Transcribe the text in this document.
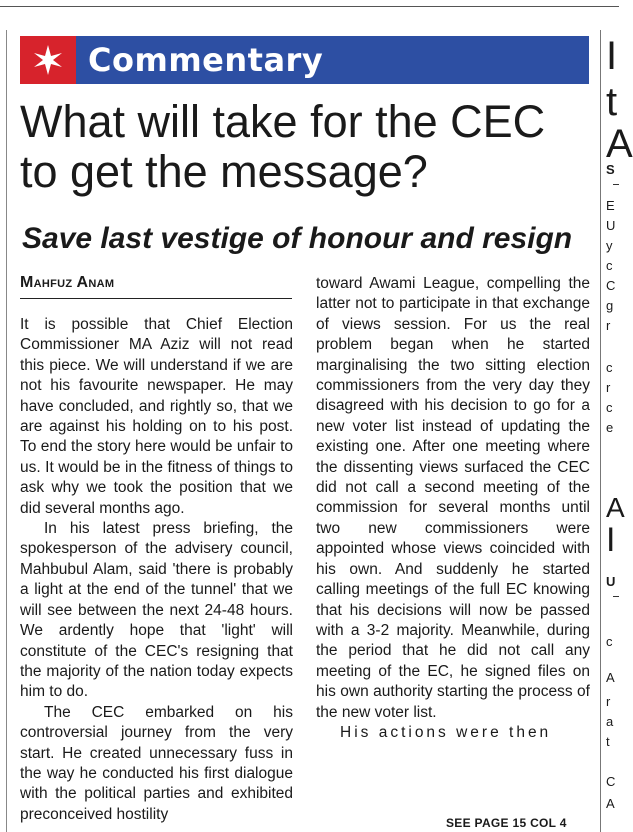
Commentary
What will take for the CEC to get the message?
Save last vestige of honour and resign
Mahfuz Anam

It is possible that Chief Election Commissioner MA Aziz will not read this piece. We will understand if we are not his favourite newspaper. He may have concluded, and rightly so, that we are against his holding on to his post. To end the story here would be unfair to us. It would be in the fitness of things to ask why we took the position that we did several months ago.

In his latest press briefing, the spokesperson of the advisery council, Mahbubul Alam, said 'there is probably a light at the end of the tunnel' that we will see between the next 24-48 hours. We ardently hope that 'light' will constitute of the CEC's resigning that the majority of the nation today expects him to do.

The CEC embarked on his controversial journey from the very start. He created unnecessary fuss in the way he conducted his first dialogue with the political parties and exhibited preconceived hostility

toward Awami League, compelling the latter not to participate in that exchange of views session. For us the real problem began when he started marginalising the two sitting election commissioners from the very day they disagreed with his decision to go for a new voter list instead of updating the existing one. After one meeting where the dissenting views surfaced the CEC did not call a second meeting of the commission for several months until two new commissioners were appointed whose views coincided with his own. And suddenly he started calling meetings of the full EC knowing that his decisions will now be passed with a 3-2 majority. Meanwhile, during the period that he did not call any meeting of the EC, he signed files on his own authority starting the process of the new voter list.

His actions were then

SEE PAGE 15 COL 4
I
t
A
S
E
U
y
c
C
g
r
c
r
c
e
A
I
U
c
A
r
a
t
C
A
